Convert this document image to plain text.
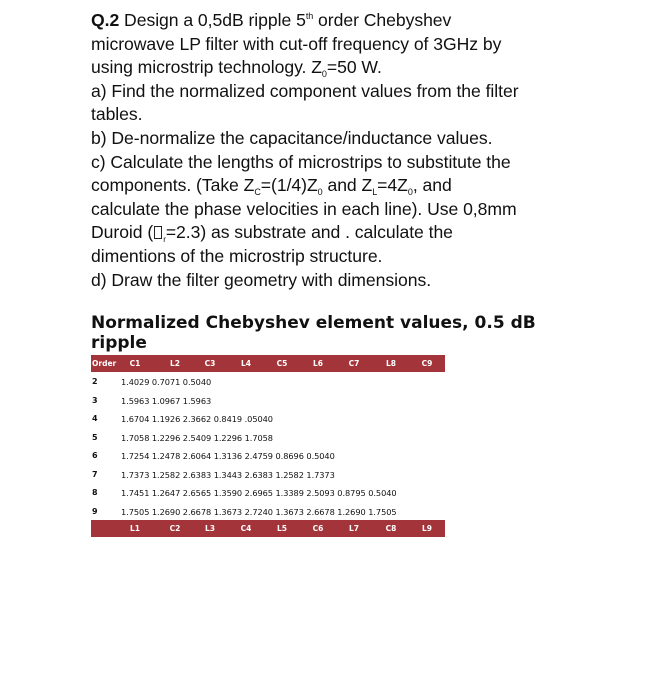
Q.2 Design a 0,5dB ripple 5th order Chebyshev
microwave LP filter with cut-off frequency of 3GHz by
using microstrip technology. $Z_0=50$ W.
a) Find the normalized component values from the filter
tables.
b) De-normalize the capacitance/inductance values.
c) Calculate the lengths of microstrips to substitute the
components. (Take $Z_C=(1/4)Z_0$ and $Z_L=4Z_0$, and
calculate the phase velocities in each line). Use 0,8mm
Duroid ( $_r$=2.3) as substrate and . calculate the
dimentions of the microstrip structure.
d) Draw the filter geometry with dimensions.
Normalized Chebyshev element values, 0.5 dB ripple
Order C1	L2	C3	L4	C5	L6	C7	L8	C9
2	1.4029 0.7071 0.5040
3	1.5963 1.0967 1.5963
4	1.6704 1.1926 2.3662 0.8419 .05040
5	1.7058 1.2296 2.5409 1.2296 1.7058
6	1.7254 1.2478 2.6064 1.3136 2.4759 0.8696 0.5040
7	1.7373 1.2582 2.6383 1.3443 2.6383 1.2582 1.7373
8	1.7451 1.2647 2.6565 1.3590 2.6965 1.3389 2.5093 0.8795 0.5040
9	1.7505 1.2690 2.6678 1.3673 2.7240 1.3673 2.6678 1.2690 1.7505
L1	C2	L3	C4	L5	C6	L7	C8	L9
